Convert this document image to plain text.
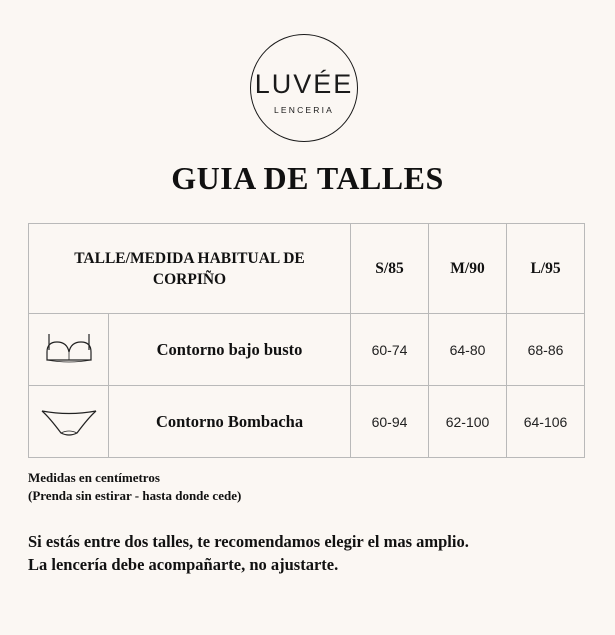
LUVÉE
LENCERIA
GUIA DE TALLES
TALLE/MEDIDA HABITUAL DE CORPIÑO		S/85	M/90	L/95

	Contorno bajo busto	60-74	64-80	68-86

	Contorno Bombacha	60-94	62-100	64-106
Medidas en centímetros
(Prenda sin estirar - hasta donde cede)
Si estás entre dos talles, te recomendamos elegir el mas amplio.
La lencería debe acompañarte, no ajustarte.
